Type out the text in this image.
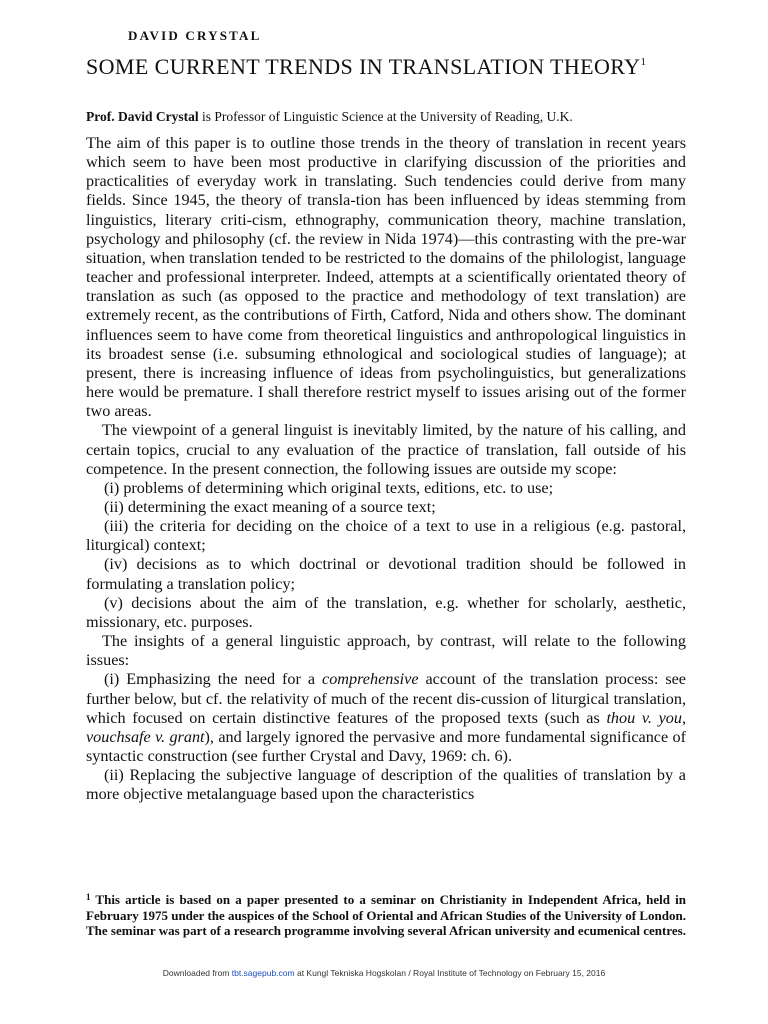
DAVID CRYSTAL
SOME CURRENT TRENDS IN TRANSLATION THEORY$^1$
Prof. David Crystal is Professor of Linguistic Science at the University of Reading, U.K.

The aim of this paper is to outline those trends in the theory of translation in recent years which seem to have been most productive in clarifying discussion of the priorities and practicalities of everyday work in translating. Such tendencies could derive from many fields. Since 1945, the theory of transla-tion has been influenced by ideas stemming from linguistics, literary criti-cism, ethnography, communication theory, machine translation, psychology and philosophy (cf. the review in Nida 1974)—this contrasting with the pre-war situation, when translation tended to be restricted to the domains of the philologist, language teacher and professional interpreter. Indeed, attempts at a scientifically orientated theory of translation as such (as opposed to the practice and methodology of text translation) are extremely recent, as the contributions of Firth, Catford, Nida and others show. The dominant influences seem to have come from theoretical linguistics and anthropological linguistics in its broadest sense (i.e. subsuming ethnological and sociological studies of language); at present, there is increasing influence of ideas from psycholinguistics, but generalizations here would be premature. I shall therefore restrict myself to issues arising out of the former two areas.

The viewpoint of a general linguist is inevitably limited, by the nature of his calling, and certain topics, crucial to any evaluation of the practice of translation, fall outside of his competence. In the present connection, the following issues are outside my scope:

(i) problems of determining which original texts, editions, etc. to use;

(ii) determining the exact meaning of a source text;

(iii) the criteria for deciding on the choice of a text to use in a religious (e.g. pastoral, liturgical) context;

(iv) decisions as to which doctrinal or devotional tradition should be followed in formulating a translation policy;

(v) decisions about the aim of the translation, e.g. whether for scholarly, aesthetic, missionary, etc. purposes.

The insights of a general linguistic approach, by contrast, will relate to the following issues:

(i) Emphasizing the need for a comprehensive account of the translation process: see further below, but cf. the relativity of much of the recent dis-cussion of liturgical translation, which focused on certain distinctive features of the proposed texts (such as thou v. you, vouchsafe v. grant), and largely ignored the pervasive and more fundamental significance of syntactic construction (see further Crystal and Davy, 1969: ch. 6).

(ii) Replacing the subjective language of description of the qualities of translation by a more objective metalanguage based upon the characteristics

$^1$ This article is based on a paper presented to a seminar on Christianity in Independent Africa, held in February 1975 under the auspices of the School of Oriental and African Studies of the University of London. The seminar was part of a research programme involving several African university and ecumenical centres.
Downloaded from tbt.sagepub.com at Kungl Tekniska Hogskolan / Royal Institute of Technology on February 15, 2016
